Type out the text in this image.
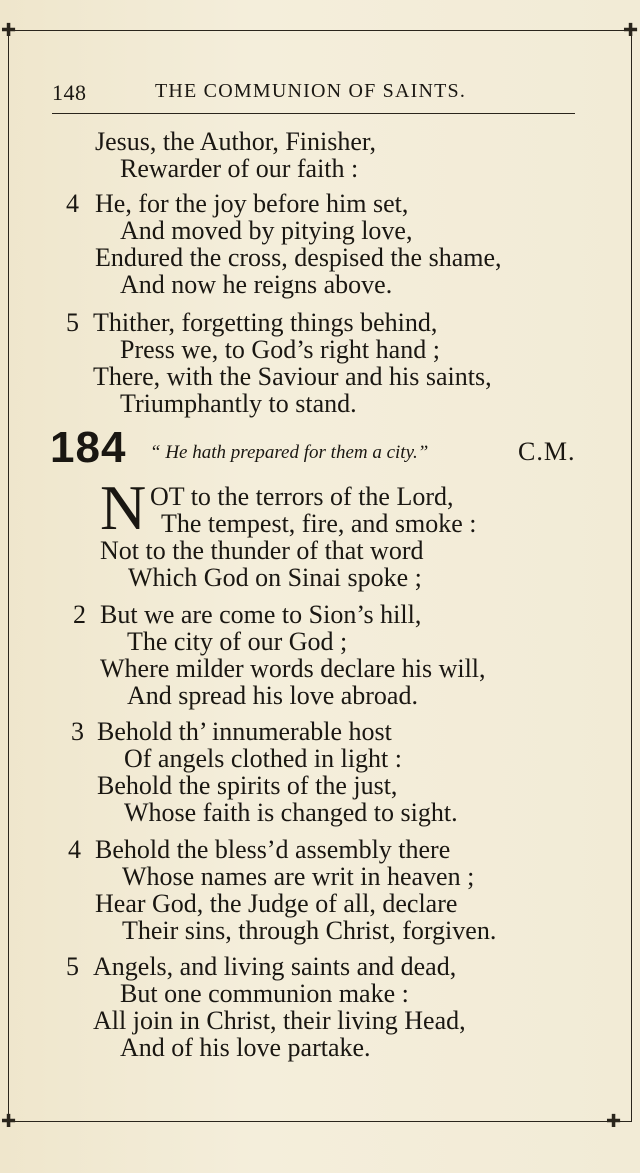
✚	✚
✚	✚
148	THE COMMUNION OF SAINTS.
Jesus, the Author, Finisher,
Rewarder of our faith :
4 He, for the joy before him set,
And moved by pitying love,
Endured the cross, despised the shame,
And now he reigns above.
5 Thither, forgetting things behind,
Press we, to God’s right hand ;
There, with the Saviour and his saints,
Triumphantly to stand.
184 “ He hath prepared for them a city.”	C.M.
N OT to the terrors of the Lord,
The tempest, fire, and smoke :
Not to the thunder of that word
Which God on Sinai spoke ;
2 But we are come to Sion’s hill,
The city of our God ;
Where milder words declare his will,
And spread his love abroad.
3 Behold th’ innumerable host
Of angels clothed in light :
Behold the spirits of the just,
Whose faith is changed to sight.
4 Behold the bless’d assembly there
Whose names are writ in heaven ;
Hear God, the Judge of all, declare
Their sins, through Christ, forgiven.
5 Angels, and living saints and dead,
But one communion make :
All join in Christ, their living Head,
And of his love partake.
